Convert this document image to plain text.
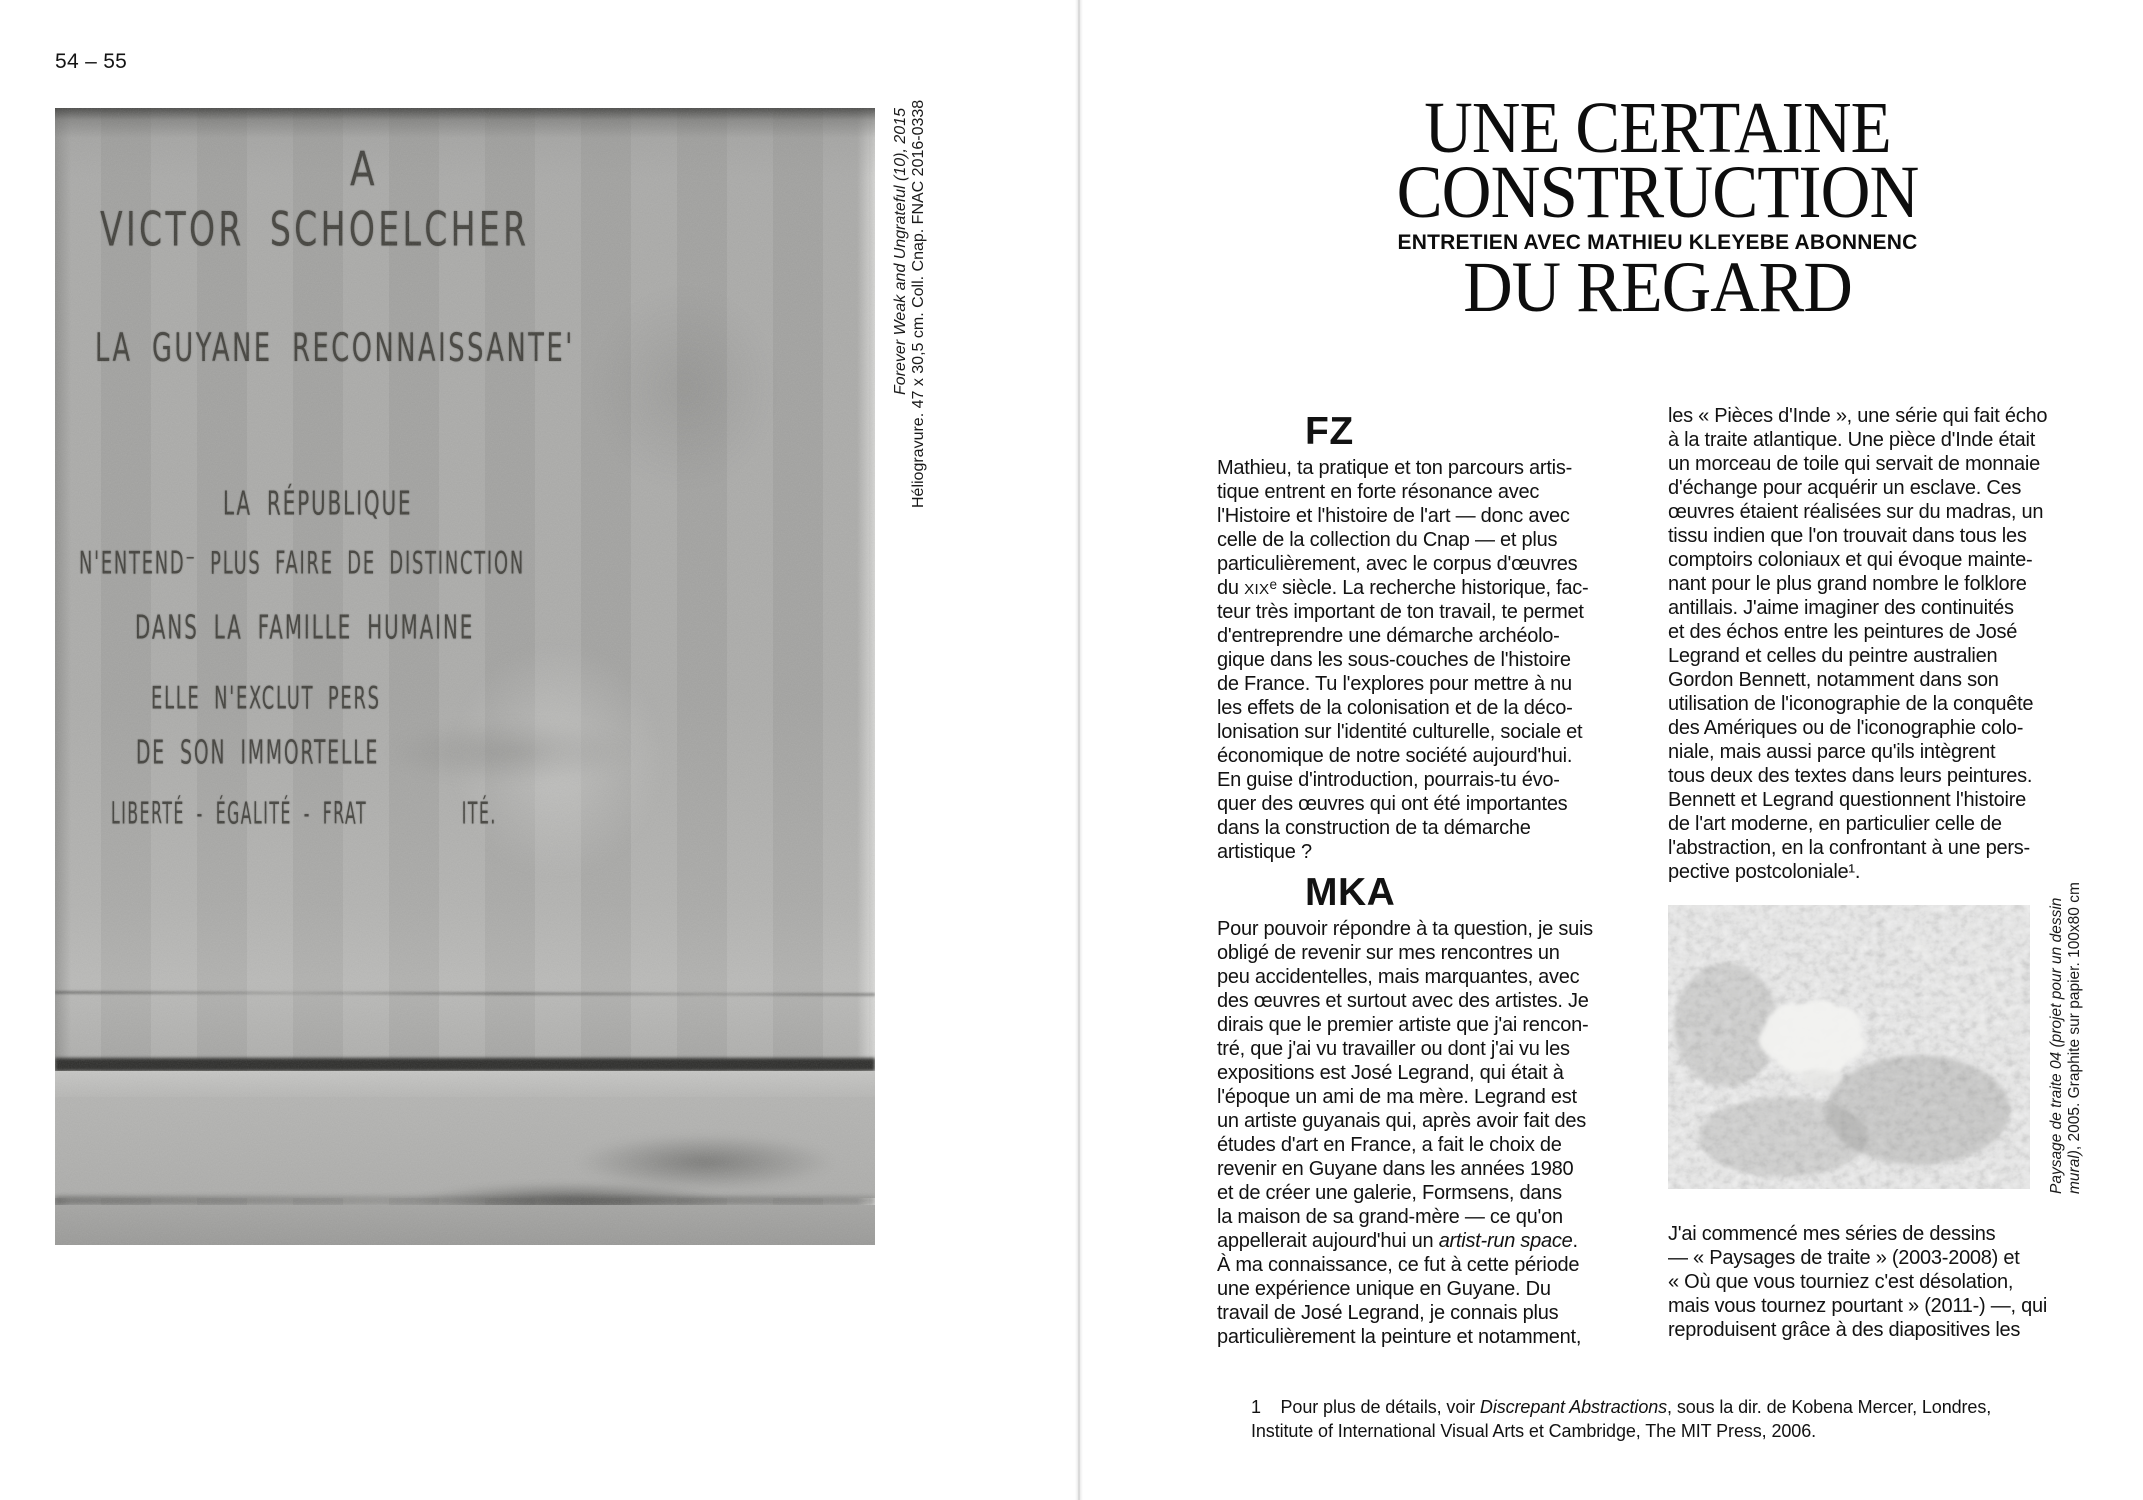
54 – 55
Forever Weak and Ungrateful (10), 2015 Héliogravure. 47 x 30,5 cm. Coll. Cnap. FNAC 2016-0338	UNE CERTAINE
CONSTRUCTION
ENTRETIEN AVEC MATHIEU KLEYEBE ABONNENC
DU REGARD
FZ
Mathieu, ta pratique et ton parcours artis-
tique entrent en forte résonance avec
l'Histoire et l'histoire de l'art — donc avec
celle de la collection du Cnap — et plus
particulièrement, avec le corpus d'œuvres
du XIXᵉ siècle. La recherche historique, fac-
teur très important de ton travail, te permet
d'entreprendre une démarche archéolo-
gique dans les sous-couches de l'histoire
de France. Tu l'explores pour mettre à nu
les effets de la colonisation et de la déco-
lonisation sur l'identité culturelle, sociale et
économique de notre société aujourd'hui.
En guise d'introduction, pourrais-tu évo-
quer des œuvres qui ont été importantes
dans la construction de ta démarche
artistique ?
MKA
Pour pouvoir répondre à ta question, je suis
obligé de revenir sur mes rencontres un
peu accidentelles, mais marquantes, avec
des œuvres et surtout avec des artistes. Je
dirais que le premier artiste que j'ai rencon-
tré, que j'ai vu travailler ou dont j'ai vu les
expositions est José Legrand, qui était à
l'époque un ami de ma mère. Legrand est
un artiste guyanais qui, après avoir fait des
études d'art en France, a fait le choix de
revenir en Guyane dans les années 1980
et de créer une galerie, Formsens, dans
la maison de sa grand-mère — ce qu'on
appellerait aujourd'hui un artist-run space.
À ma connaissance, ce fut à cette période
une expérience unique en Guyane. Du
travail de José Legrand, je connais plus
particulièrement la peinture et notamment,
les « Pièces d'Inde », une série qui fait écho
à la traite atlantique. Une pièce d'Inde était
un morceau de toile qui servait de monnaie
d'échange pour acquérir un esclave. Ces
œuvres étaient réalisées sur du madras, un
tissu indien que l'on trouvait dans tous les
comptoirs coloniaux et qui évoque mainte-
nant pour le plus grand nombre le folklore
antillais. J'aime imaginer des continuités
et des échos entre les peintures de José
Legrand et celles du peintre australien
Gordon Bennett, notamment dans son
utilisation de l'iconographie de la conquête
des Amériques ou de l'iconographie colo-
niale, mais aussi parce qu'ils intègrent
tous deux des textes dans leurs peintures.
Bennett et Legrand questionnent l'histoire
de l'art moderne, en particulier celle de
l'abstraction, en la confrontant à une pers-
pective postcoloniale¹.
J'ai commencé mes séries de dessins
— « Paysages de traite » (2003-2008) et
« Où que vous tourniez c'est désolation,
mais vous tournez pourtant » (2011-) —, qui
reproduisent grâce à des diapositives les
Paysage de traite 04 (projet pour un dessin mural), 2005. Graphite sur papier. 100x80 cm
1    Pour plus de détails, voir Discrepant Abstractions, sous la dir. de Kobena Mercer, Londres,
Institute of International Visual Arts et Cambridge, The MIT Press, 2006.
